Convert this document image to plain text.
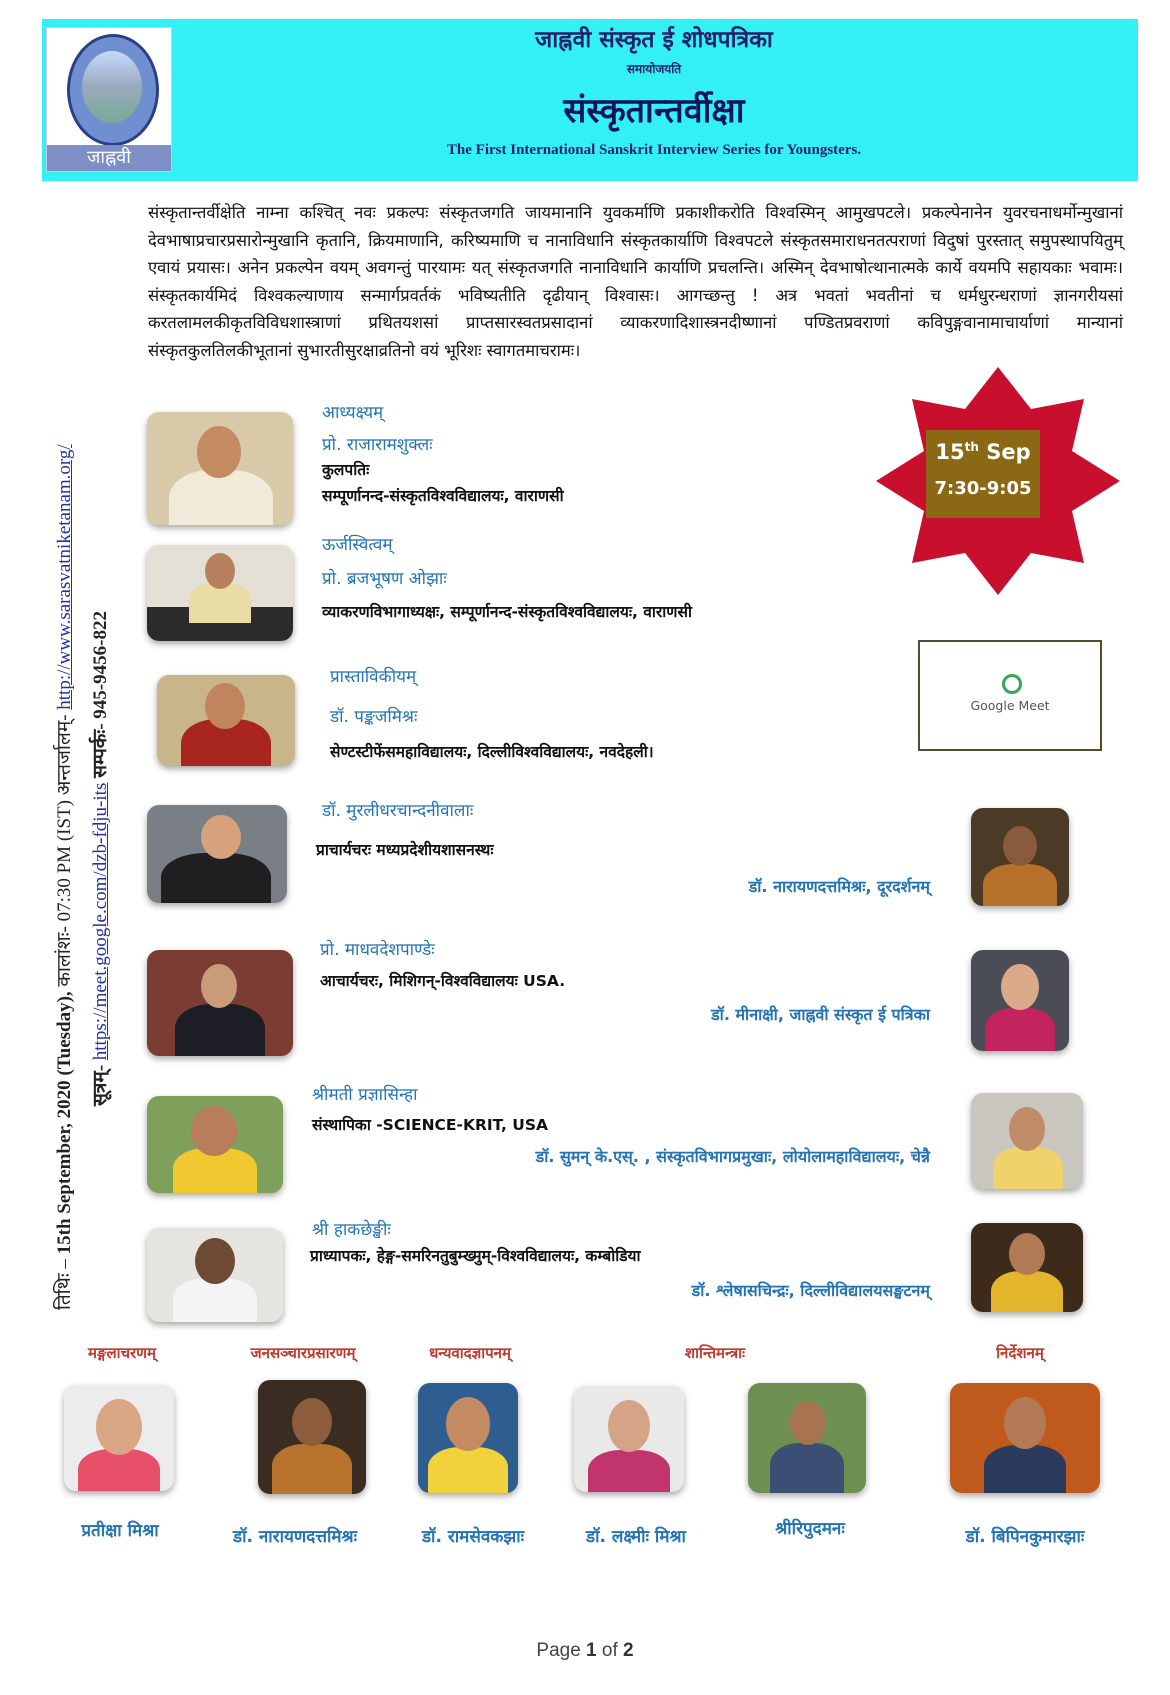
जाह्नवी
जाह्नवी संस्कृत ई शोधपत्रिका
समायोजयति
संस्कृतान्तर्वीक्षा
The First International Sanskrit Interview Series for Youngsters.
तिथिः – 15th September, 2020 (Tuesday), कालांशः- 07:30 PM (IST) अन्तर्जालम्- http://www.sarasvatniketanam.org/
सूत्रम्- https://meet.google.com/dzb-fdju-its सम्पर्कः- 945-9456-822
संस्कृतान्तर्वीक्षेति नाम्ना कश्चित् नवः प्रकल्पः संस्कृतजगति जायमानानि युवकर्माणि प्रकाशीकरोति विश्वस्मिन् आमुखपटले। प्रकल्पेनानेन युवरचनाधर्मोन्मुखानां देवभाषाप्रचारप्रसारोन्मुखानि कृतानि, क्रियमाणानि, करिष्यमाणि च नानाविधानि संस्कृतकार्याणि विश्वपटले संस्कृतसमाराधनतत्पराणां विदुषां पुरस्तात् समुपस्थापयितुम् एवायं प्रयासः। अनेन प्रकल्पेन वयम् अवगन्तुं पारयामः यत् संस्कृतजगति नानाविधानि कार्याणि प्रचलन्ति। अस्मिन् देवभाषोत्थानात्मके कार्ये वयमपि सहायकाः भवामः। संस्कृतकार्यमिदं विश्वकल्याणाय सन्मार्गप्रवर्तकं भविष्यतीति दृढीयान् विश्वासः। आगच्छन्तु ! अत्र भवतां भवतीनां च धर्मधुरन्धराणां ज्ञानगरीयसां करतलामलकीकृतविविधशास्त्राणां प्रथितयशसां प्राप्तसारस्वतप्रसादानां व्याकरणादिशास्त्रनदीष्णानां पण्डितप्रवराणां कविपुङ्गवानामाचार्याणां मान्यानां संस्कृतकुलतिलकीभूतानां सुभारतीसुरक्षाव्रतिनो वयं भूरिशः स्वागतमाचरामः।
15th Sep
7:30-9:05
Google Meet
आध्यक्ष्यम्
प्रो. राजारामशुक्लः
कुलपतिः
सम्पूर्णानन्द-संस्कृतविश्वविद्यालयः, वाराणसी
ऊर्जस्वित्वम्
प्रो. ब्रजभूषण ओझाः
व्याकरणविभागाध्यक्षः, सम्पूर्णानन्द-संस्कृतविश्वविद्यालयः, वाराणसी
प्रास्ताविकीयम्
डॉ. पङ्कजमिश्रः
सेण्टस्टीफेंसमहाविद्यालयः, दिल्लीविश्वविद्यालयः, नवदेहली।
डॉ. मुरलीधरचान्दनीवालाः
प्राचार्यचरः मध्यप्रदेशीयशासनस्थः
डॉ. नारायणदत्तमिश्रः, दूरदर्शनम्
प्रो. माधवदेशपाण्डेः
आचार्यचरः, मिशिगन्-विश्वविद्यालयः USA.
डॉ. मीनाक्षी, जाह्नवी संस्कृत ई पत्रिका
श्रीमती प्रज्ञासिन्हा
संस्थापिका -SCIENCE-KRIT, USA
डॉ. सुमन् के.एस्. , संस्कृतविभागप्रमुखाः, लोयोलामहाविद्यालयः, चेन्नै
श्री हाकछेङ्खीः
प्राध्यापकः, हेङ्ग-समरिनतुबुम्ख्मुम्-विश्वविद्यालयः, कम्बोडिया
डॉ. श्लेषासचिन्द्रः, दिल्लीविद्यालयसङ्घटनम्
मङ्गलाचरणम्	जनसञ्चारप्रसारणम्	धन्यवादज्ञापनम्	शान्तिमन्त्राः	निर्देशनम्
प्रतीक्षा मिश्रा	डॉ. नारायणदत्तमिश्रः	डॉ. रामसेवकझाः	डॉ. लक्ष्मीः मिश्रा	श्रीरिपुदमनः	डॉ. बिपिनकुमारझाः
Page 1 of 2
